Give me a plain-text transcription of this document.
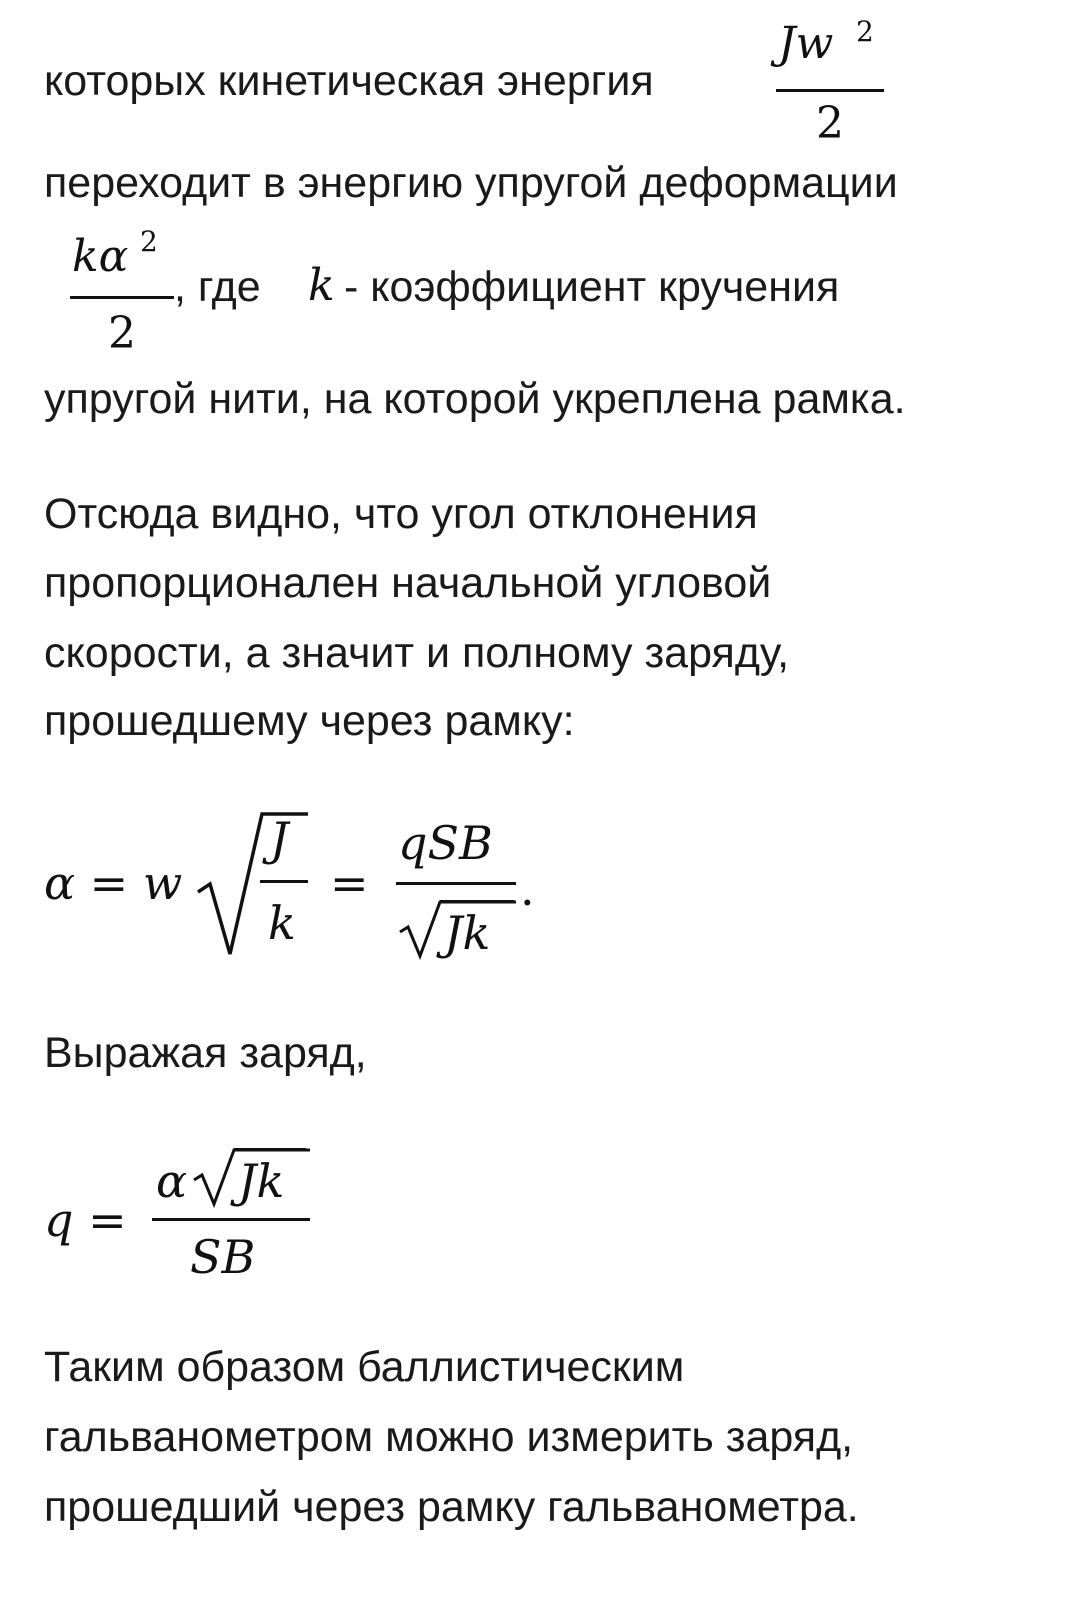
которых кинетическая энергия
Jw 2
2
переходит в энергию упругой деформации
kα 2
2
, где k - коэффициент кручения
упругой нити, на которой укреплена рамка.
Отсюда видно, что угол отклонения
пропорционален начальной угловой
скорости, а значит и полному заряду,
прошедшему через рамку:
α = w
J
k
=
qSB
Jk
.
Выражая заряд,
q =
α Jk
SB
Таким образом баллистическим
гальванометром можно измерить заряд,
прошедший через рамку гальванометра.
